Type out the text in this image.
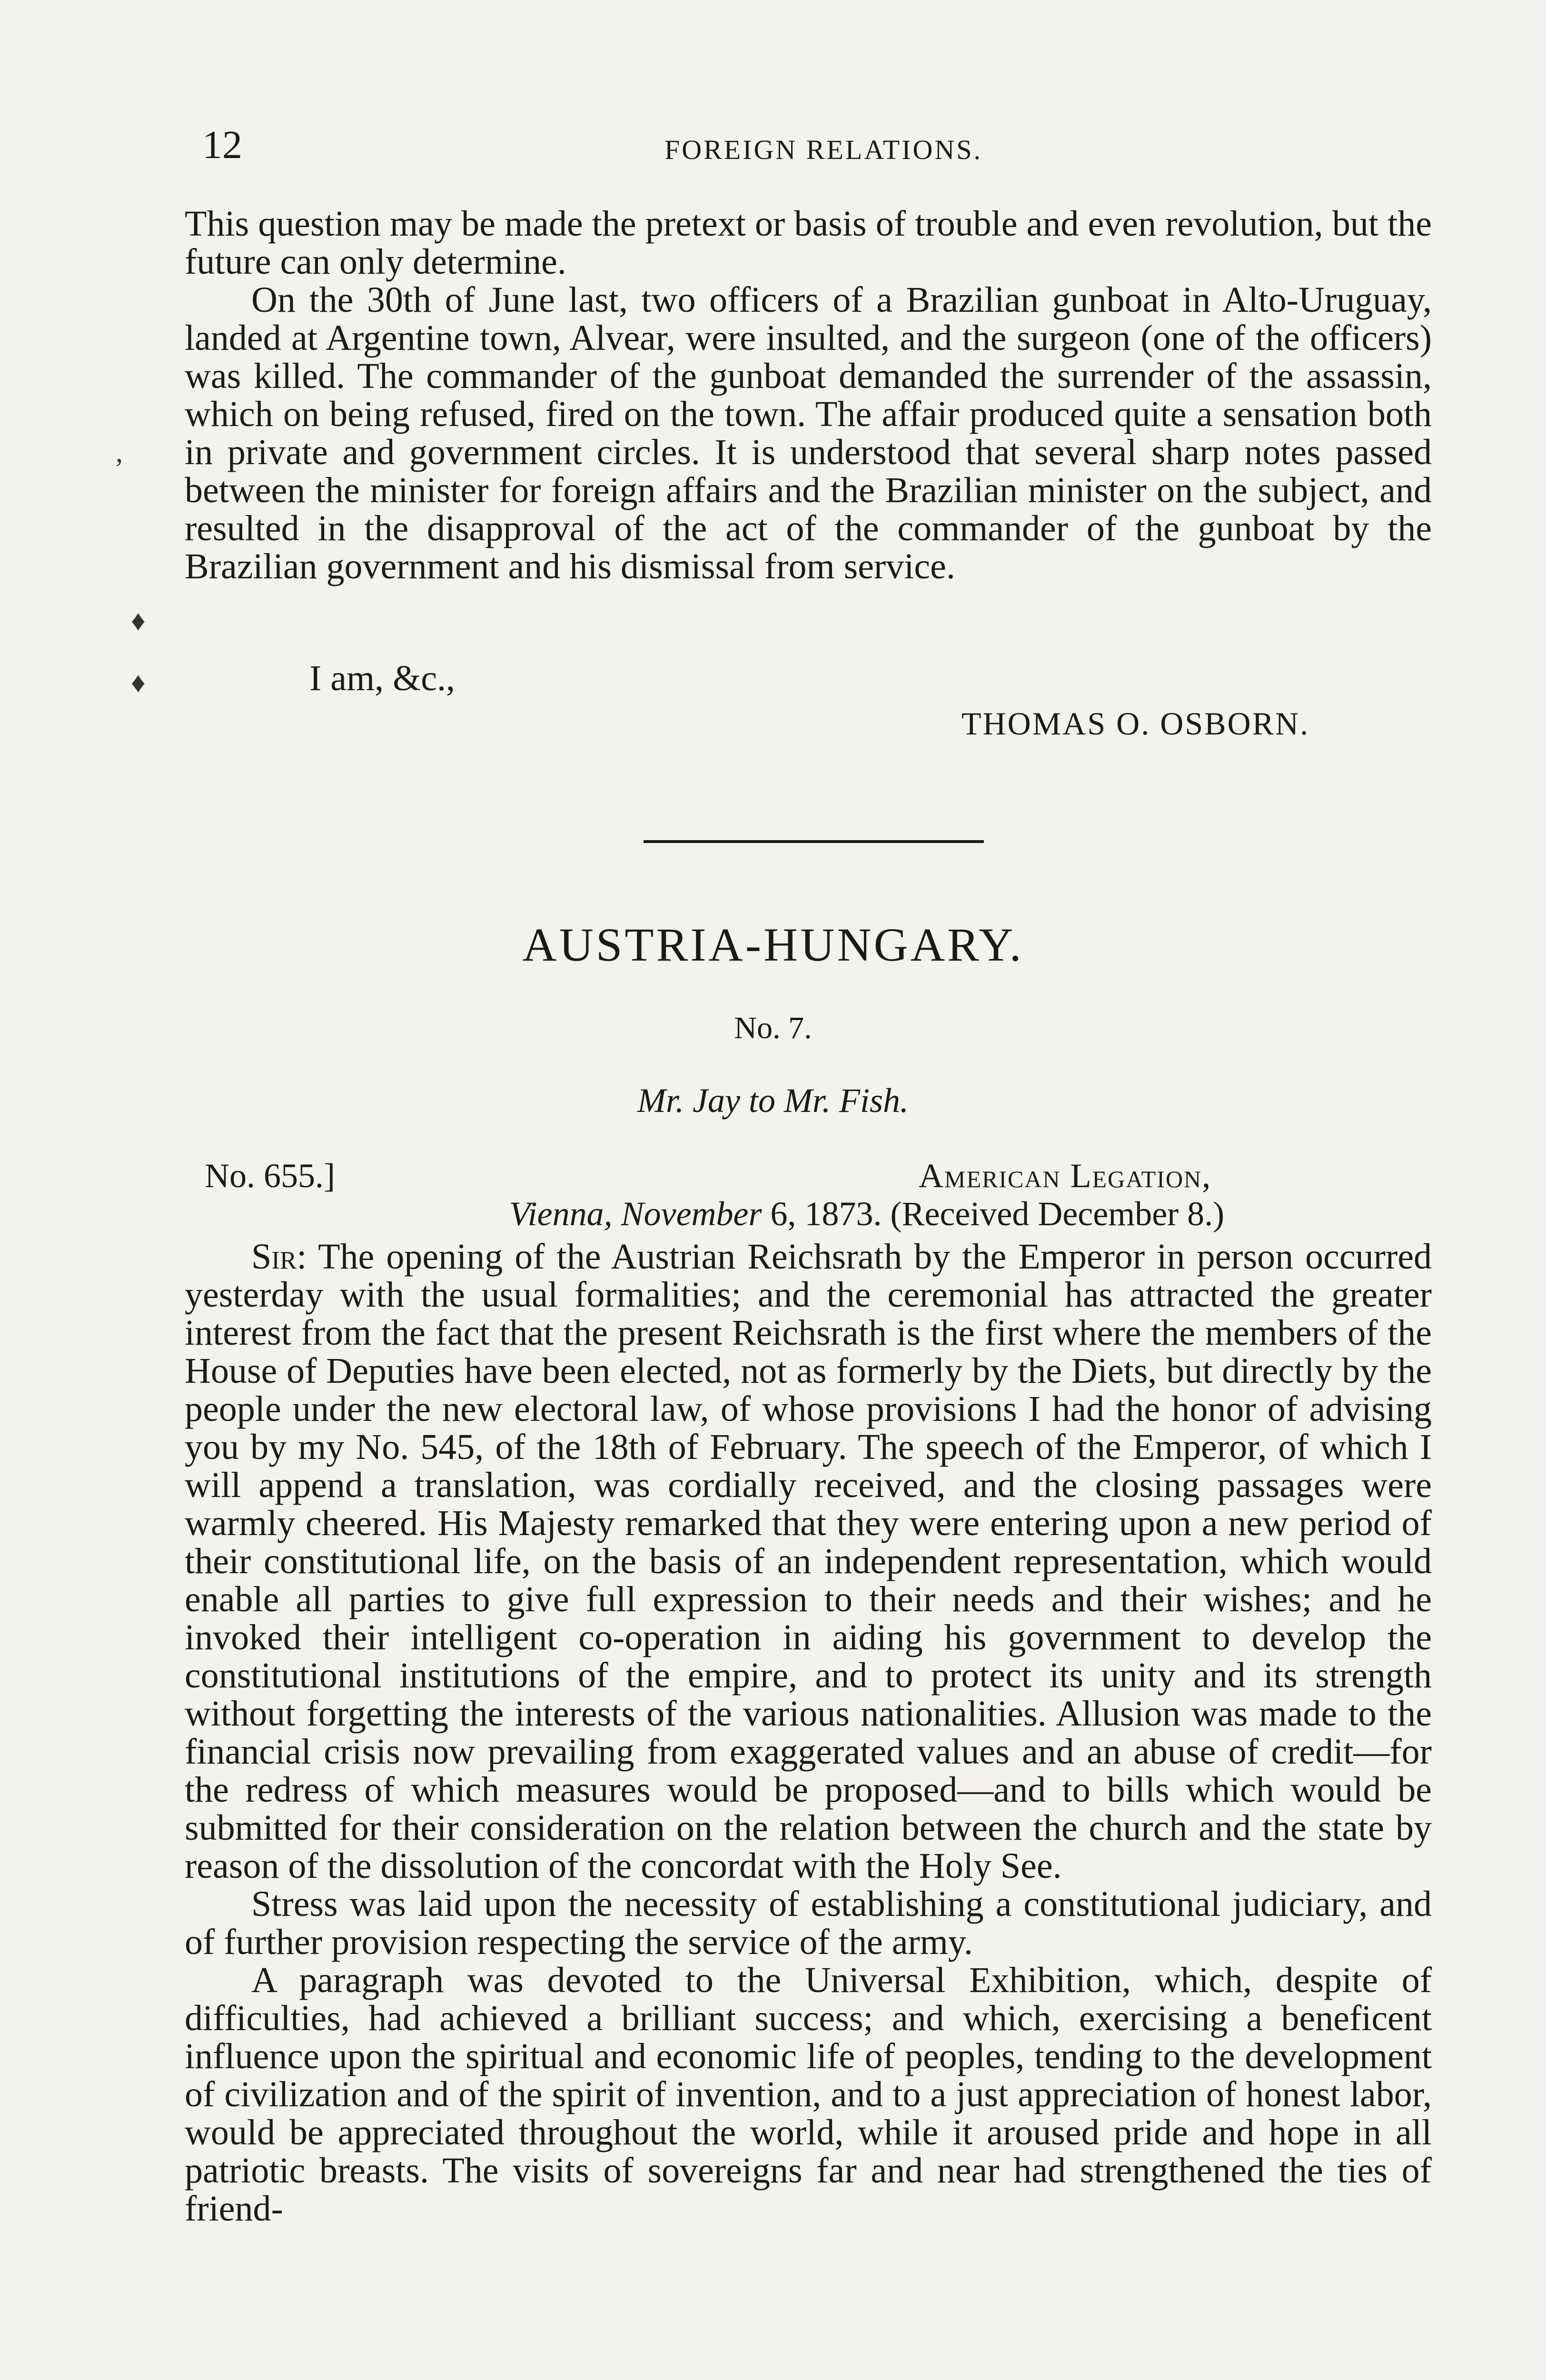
12	FOREIGN RELATIONS.

This question may be made the pretext or basis of trouble and even revolution, but the future can only determine.

On the 30th of June last, two officers of a Brazilian gunboat in Alto-Uruguay, landed at Argentine town, Alvear, were insulted, and the surgeon (one of the officers) was killed. The commander of the gunboat demanded the surrender of the assassin, which on being refused, fired on the town. The affair produced quite a sensation both in private and government circles. It is understood that several sharp notes passed between the minister for foreign affairs and the Brazilian minister on the subject, and resulted in the disapproval of the act of the commander of the gunboat by the Brazilian government and his dismissal from service.

I am, &c.,
THOMAS O. OSBORN.
AUSTRIA-HUNGARY.
No. 7.
Mr. Jay to Mr. Fish.
No. 655.]	American Legation,
Vienna, November 6, 1873. (Received December 8.)

Sir: The opening of the Austrian Reichsrath by the Emperor in person occurred yesterday with the usual formalities; and the ceremonial has attracted the greater interest from the fact that the present Reichsrath is the first where the members of the House of Deputies have been elected, not as formerly by the Diets, but directly by the people under the new electoral law, of whose provisions I had the honor of advising you by my No. 545, of the 18th of February. The speech of the Emperor, of which I will append a translation, was cordially received, and the closing passages were warmly cheered. His Majesty remarked that they were entering upon a new period of their constitutional life, on the basis of an independent representation, which would enable all parties to give full expression to their needs and their wishes; and he invoked their intelligent co-operation in aiding his government to develop the constitutional institutions of the empire, and to protect its unity and its strength without forgetting the interests of the various nationalities. Allusion was made to the financial crisis now prevailing from exaggerated values and an abuse of credit—for the redress of which measures would be proposed—and to bills which would be submitted for their consideration on the relation between the church and the state by reason of the dissolution of the concordat with the Holy See.

Stress was laid upon the necessity of establishing a constitutional judiciary, and of further provision respecting the service of the army.

A paragraph was devoted to the Universal Exhibition, which, despite of difficulties, had achieved a brilliant success; and which, exercising a beneficent influence upon the spiritual and economic life of peoples, tending to the development of civilization and of the spirit of invention, and to a just appreciation of honest labor, would be appreciated throughout the world, while it aroused pride and hope in all patriotic breasts. The visits of sovereigns far and near had strengthened the ties of friend-

’
♦
♦
